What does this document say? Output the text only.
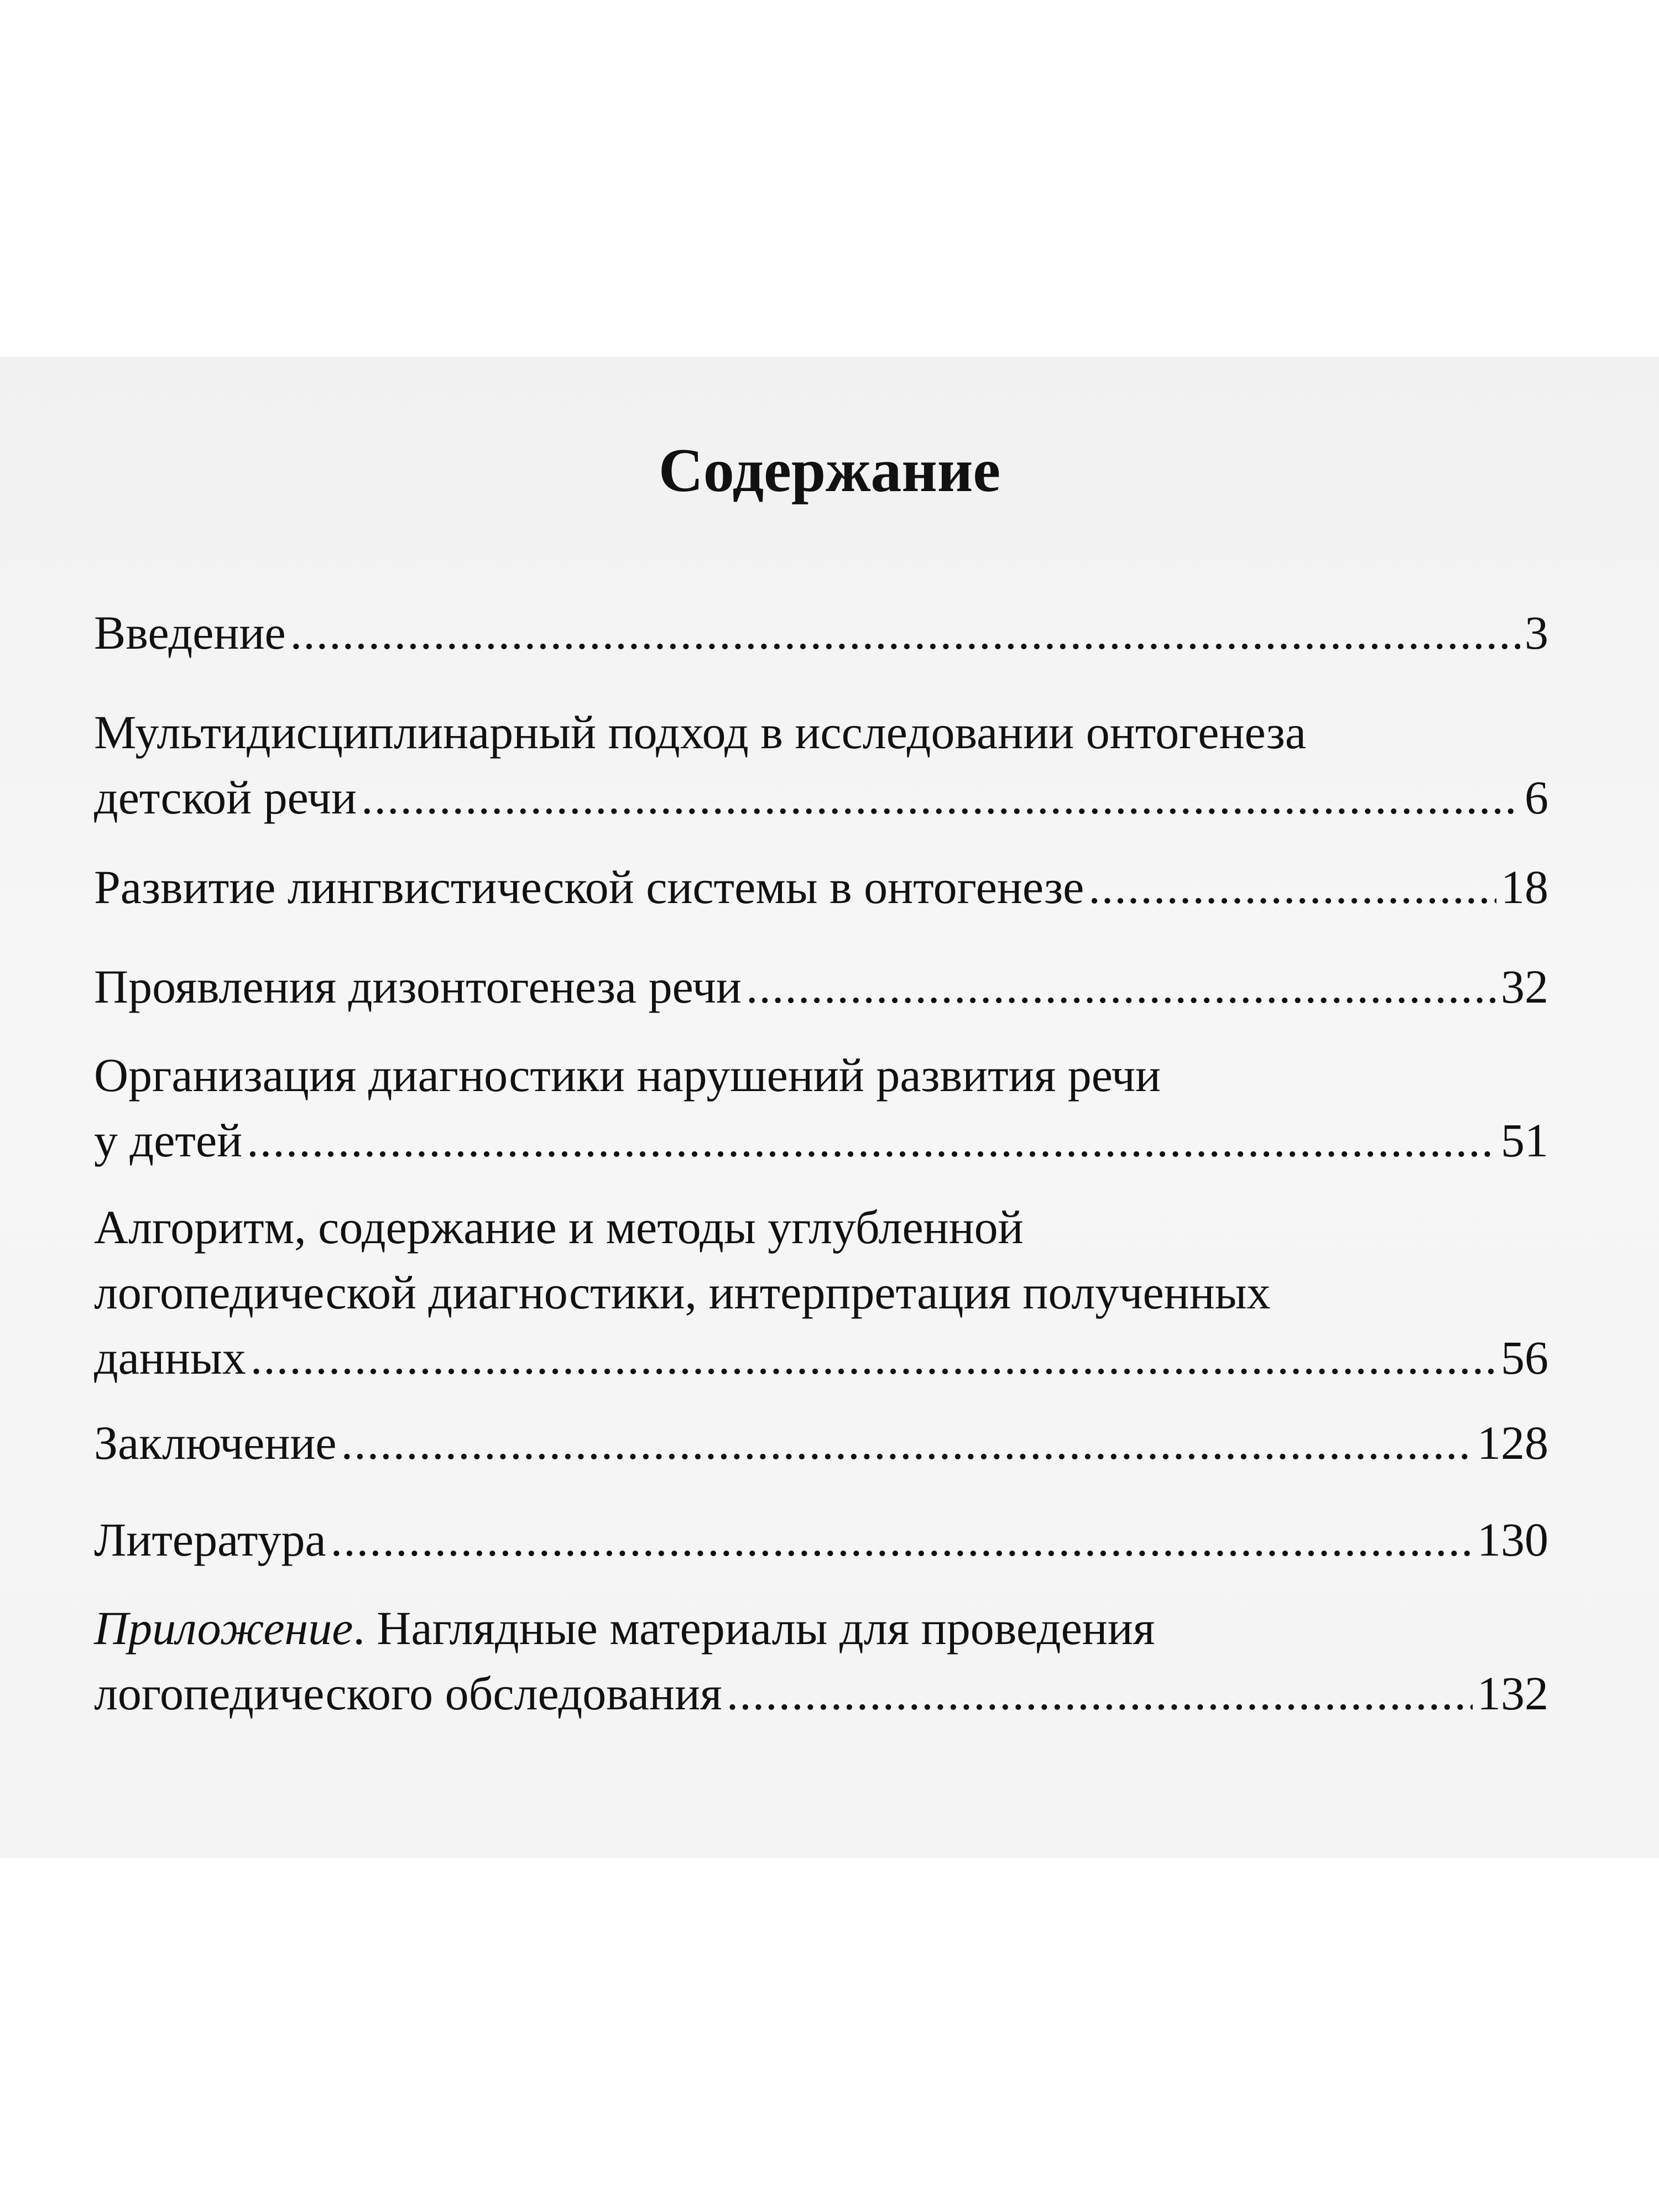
Содержание
Введение .....	3
Мультидисциплинарный подход в исследовании онтогенеза
детской речи .....	6
Развитие лингвистической системы в онтогенезе .....	18
Проявления дизонтогенеза речи .....	32
Организация диагностики нарушений развития речи
у детей .....	51
Алгоритм, содержание и методы углубленной
логопедической диагностики, интерпретация полученных
данных .....	56
Заключение .....	128
Литература .....	130
Приложение. Наглядные материалы для проведения
логопедического обследования .....	132
